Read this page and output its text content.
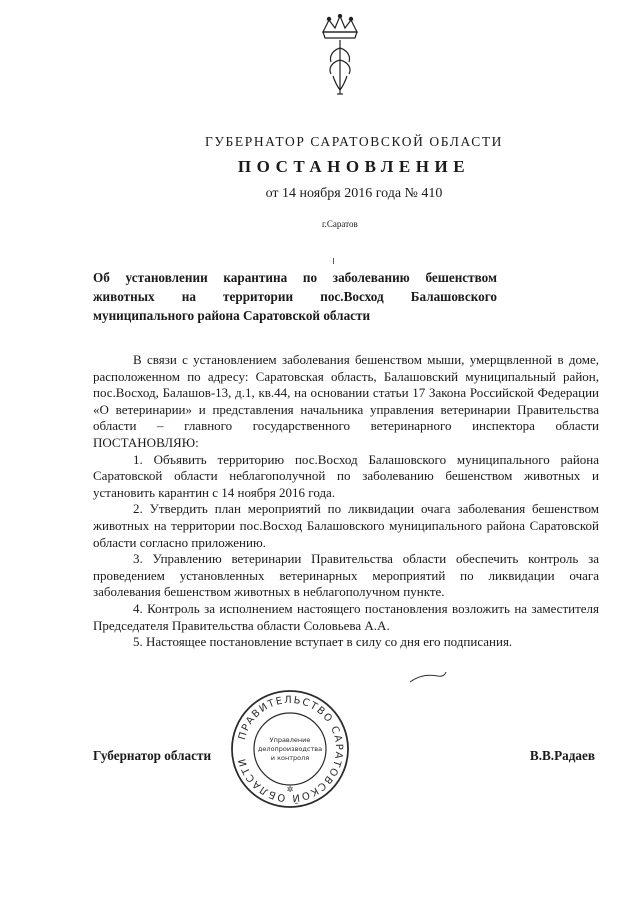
ГУБЕРНАТОР САРАТОВСКОЙ ОБЛАСТИ
ПОСТАНОВЛЕНИЕ
от 14 ноября 2016 года № 410
г.Саратов
Об установлении карантина по заболеванию бешенством
животных на территории пос.Восход Балашовского
муниципального района Саратовской области

В связи с установлением заболевания бешенством мыши, умерщвленной в доме, расположенном по адресу: Саратовская область, Балашовский муниципальный район, пос.Восход, Балашов-13, д.1, кв.44, на основании статьи 17 Закона Российской Федерации «О ветеринарии» и представления начальника управления ветеринарии Правительства области – главного государственного ветеринарного инспектора области ПОСТАНОВЛЯЮ:

1. Объявить территорию пос.Восход Балашовского муниципального района Саратовской области неблагополучной по заболеванию бешенством животных и установить карантин с 14 ноября 2016 года.

2. Утвердить план мероприятий по ликвидации очага заболевания бешенством животных на территории пос.Восход Балашовского муниципального района Саратовской области согласно приложению.

3. Управлению ветеринарии Правительства области обеспечить контроль за проведением установленных ветеринарных мероприятий по ликвидации очага заболевания бешенством животных в неблагополучном пункте.

4. Контроль за исполнением настоящего постановления возложить на заместителя Председателя Правительства области Соловьева А.А.

5. Настоящее постановление вступает в силу со дня его подписания.

Губернатор области	В.В.Радаев
ПРАВИТЕЛЬСТВО САРАТОВСКОЙ ОБЛАСТИ
Управление
делопроизводства
и контроля
✲
